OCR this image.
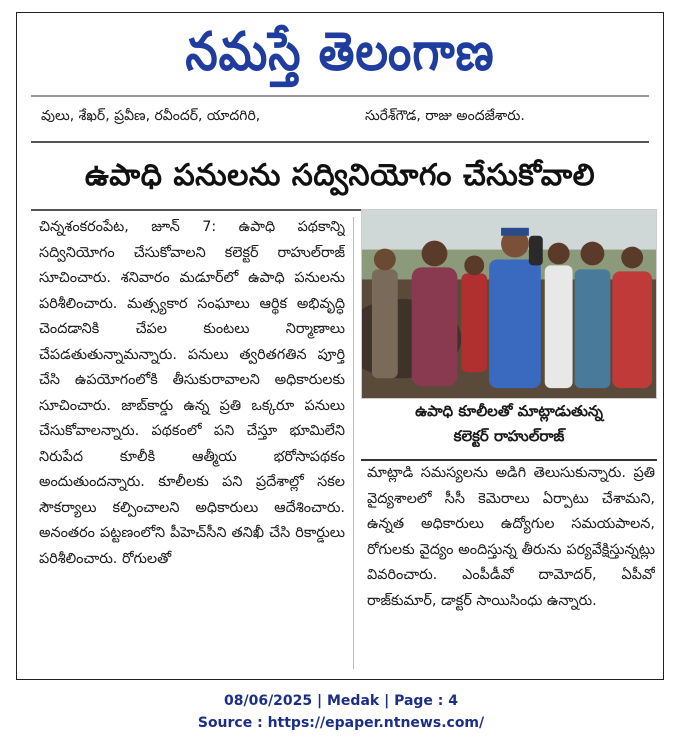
నమస్తే తెలంగాణ
వులు, శేఖర్, ప్రవీణ, రవీందర్, యాదగిరి,	సురేశ్‌గౌడ, రాజు అందజేశారు.
ఉపాధి పనులను సద్వినియోగం చేసుకోవాలి

చిన్నశంకరంపేట, జూన్ 7: ఉపాధి పథకాన్ని సద్వినియోగం చేసుకోవాలని కలెక్టర్ రాహుల్‌రాజ్ సూచించారు. శనివారం మడూర్‌లో ఉపాధి పనులను పరిశీలించారు. మత్స్యకార సంఘాలు ఆర్థిక అభివృద్ధి చెందడానికి చేపల కుంటలు నిర్మాణాలు చేపడతుతున్నామన్నారు. పనులు త్వరితగతిన పూర్తి చేసి ఉపయోగంలోకి తీసుకురావాలని అధికారులకు సూచించారు. జాబ్‌కార్డు ఉన్న ప్రతి ఒక్కరూ పనులు చేసుకోవాలన్నారు. పథకంలో పని చేస్తూ భూమిలేని నిరుపేద కూలీకి ఆత్మీయ భరోసాపథకం అందుతుందన్నారు. కూలీలకు పని ప్రదేశాల్లో సకల సౌకర్యాలు కల్పించాలని అధికారులు ఆదేశించారు. అనంతరం పట్టణంలోని పీహెచ్‌సీని తనిఖీ చేసి రికార్డులు పరిశీలించారు. రోగులతో

ఉపాధి కూలీలతో మాట్లాడుతున్న
కలెక్టర్ రాహుల్‌రాజ్

మాట్లాడి సమస్యలను అడిగి తెలుసుకున్నారు. ప్రతి వైద్యశాలలో సీసీ కెమెరాలు ఏర్పాటు చేశామని, ఉన్నత అధికారులు ఉద్యోగుల సమయపాలన, రోగులకు వైద్యం అందిస్తున్న తీరును పర్యవేక్షిస్తున్నట్లు వివరించారు. ఎంపీడీవో దామోదర్, ఏపీవో రాజ్‌కుమార్, డాక్టర్ సాయిసింధు ఉన్నారు.

08/06/2025 | Medak | Page : 4
Source : https://epaper.ntnews.com/
